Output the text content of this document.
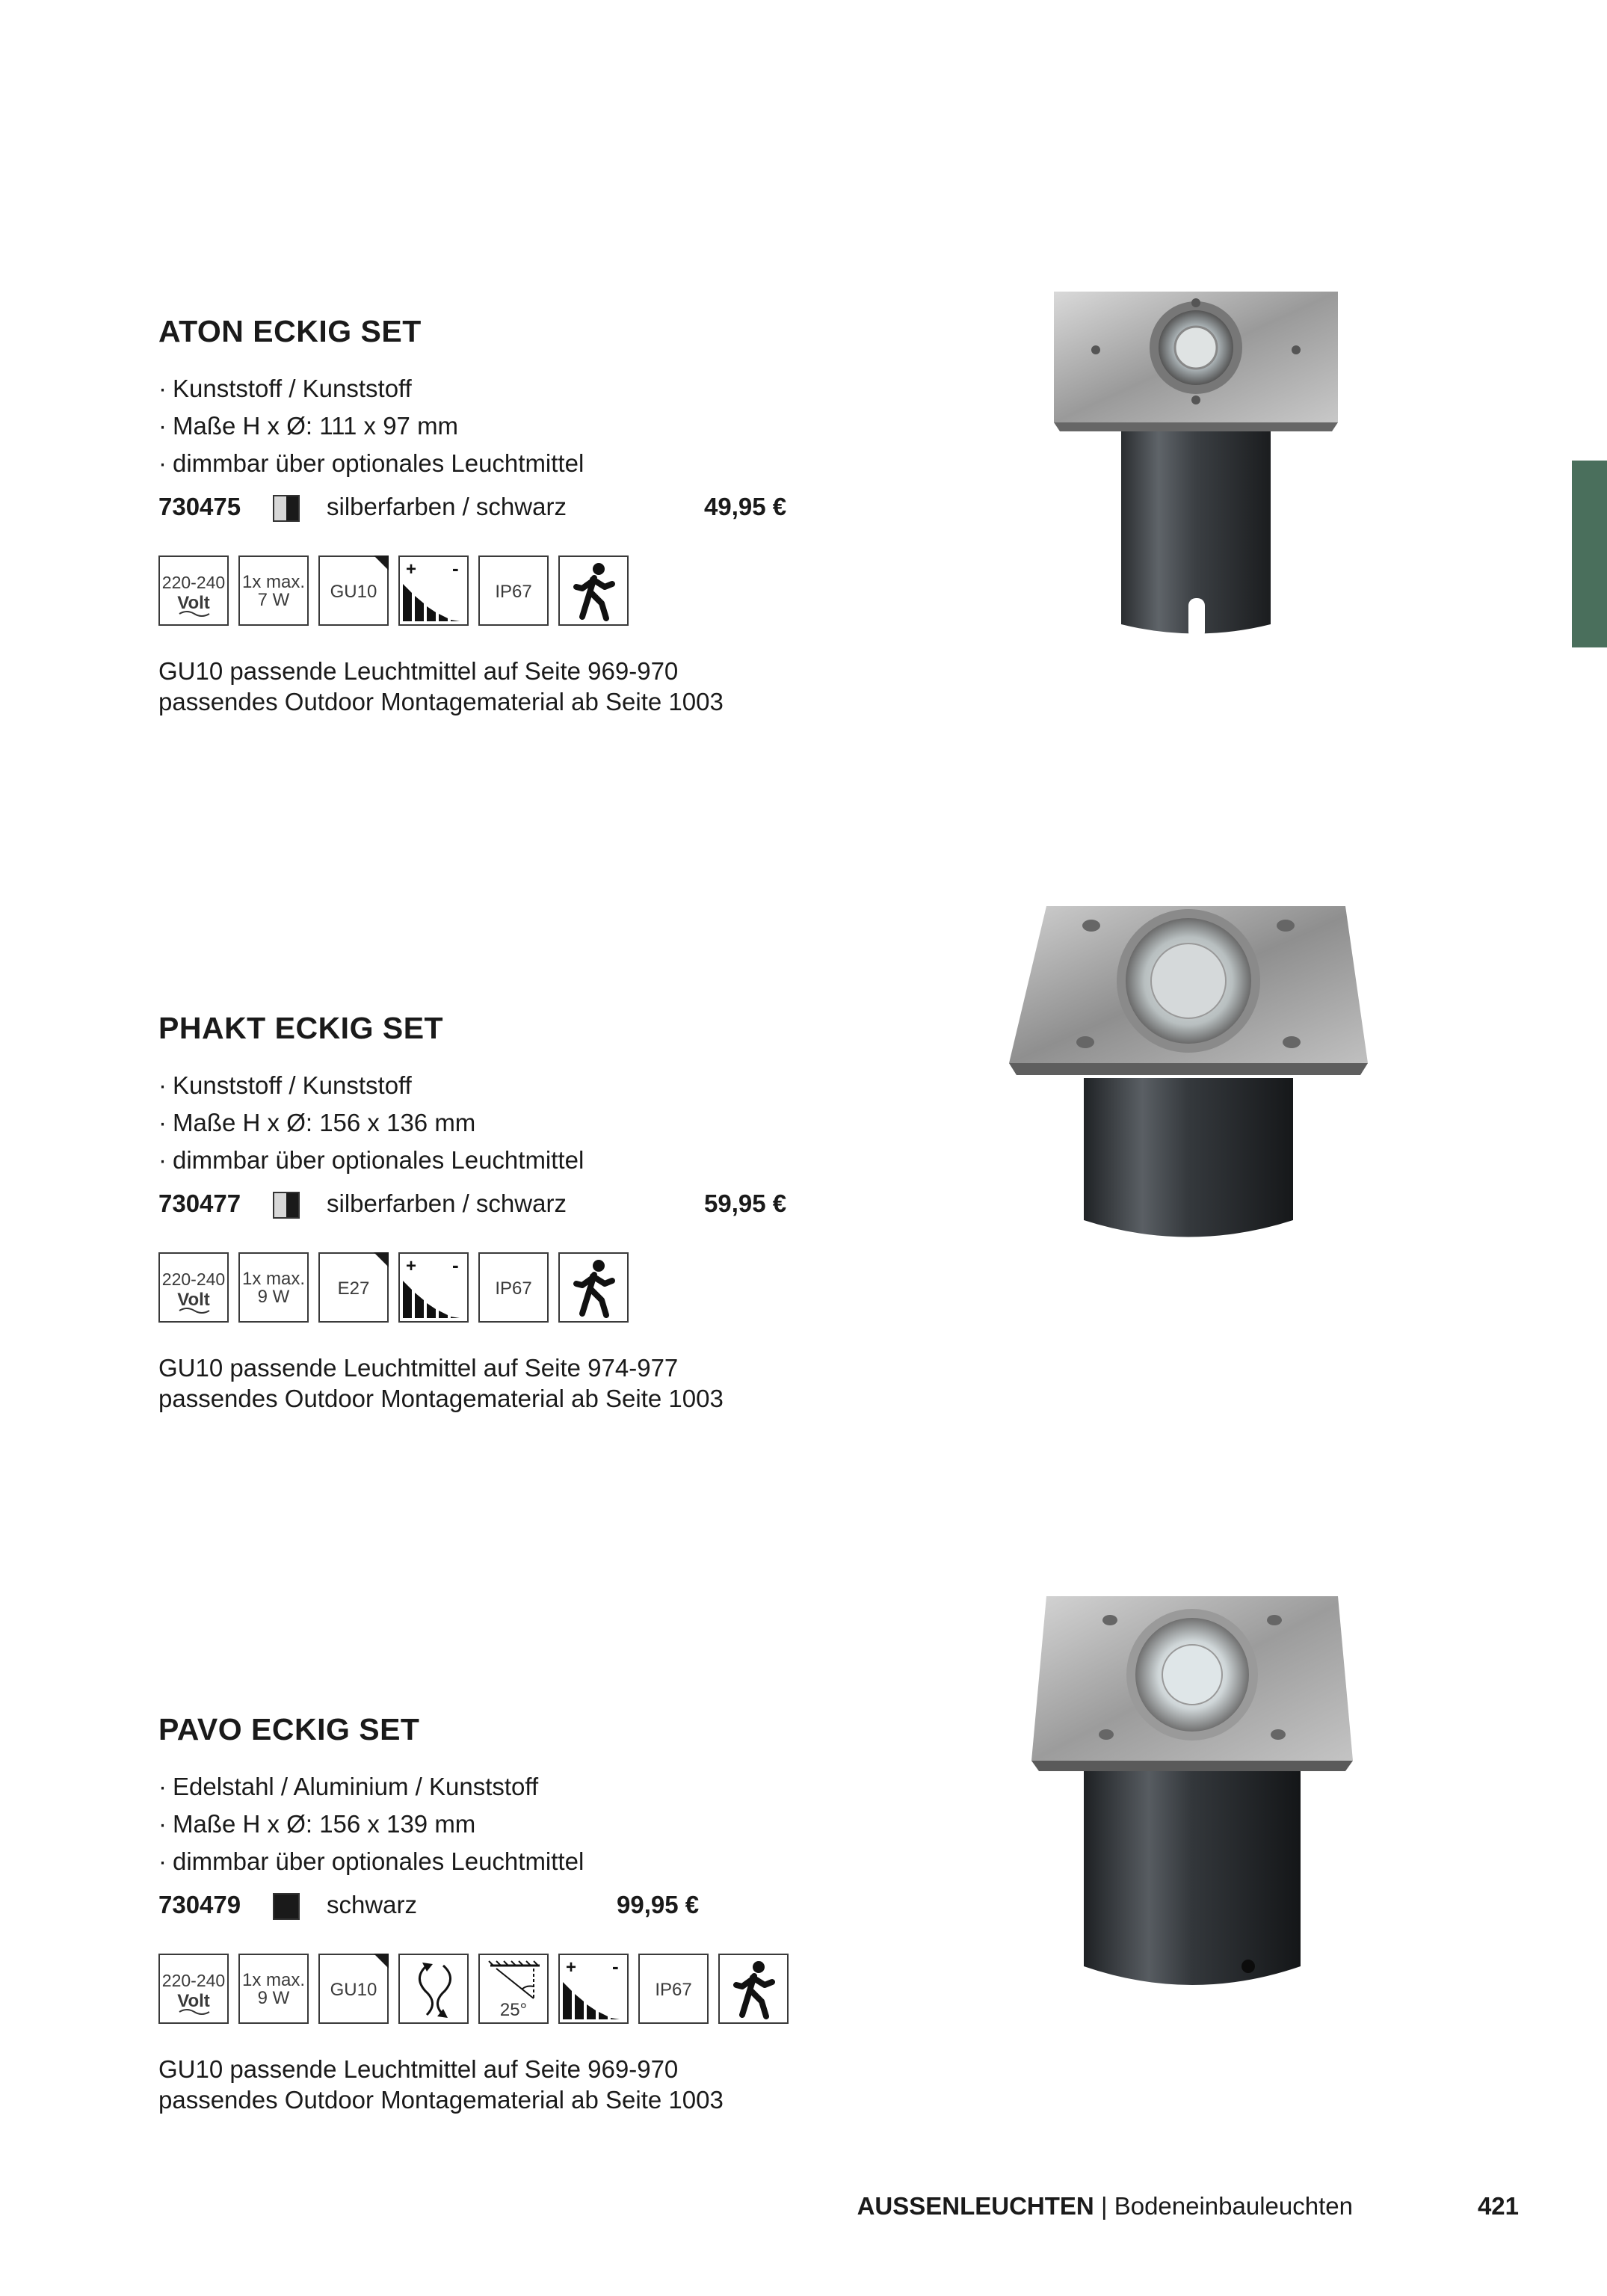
ATON ECKIG SET
· Kunststoff / Kunststoff
· Maße H x Ø: 111 x 97 mm
· dimmbar über optionales Leuchtmittel
730475	silberfarben / schwarz	49,95 €
220-240
Volt
1x max.
7 W	GU10
+ -
IP67

GU10 passende Leuchtmittel auf Seite 969-970

passendes Outdoor Montagematerial ab Seite 1003

PHAKT ECKIG SET
· Kunststoff / Kunststoff
· Maße H x Ø: 156 x 136 mm
· dimmbar über optionales Leuchtmittel
730477	silberfarben / schwarz	59,95 €
220-240
Volt
1x max.
9 W	E27
+ -
IP67

GU10 passende Leuchtmittel auf Seite 974-977

passendes Outdoor Montagematerial ab Seite 1003

PAVO ECKIG SET
· Edelstahl / Aluminium / Kunststoff
· Maße H x Ø: 156 x 139 mm
· dimmbar über optionales Leuchtmittel
730479	schwarz	99,95 €
220-240
Volt
1x max.
9 W	GU10
25°
+ -
IP67

GU10 passende Leuchtmittel auf Seite 969-970

passendes Outdoor Montagematerial ab Seite 1003

AUSSENLEUCHTEN | Bodeneinbauleuchten	421
